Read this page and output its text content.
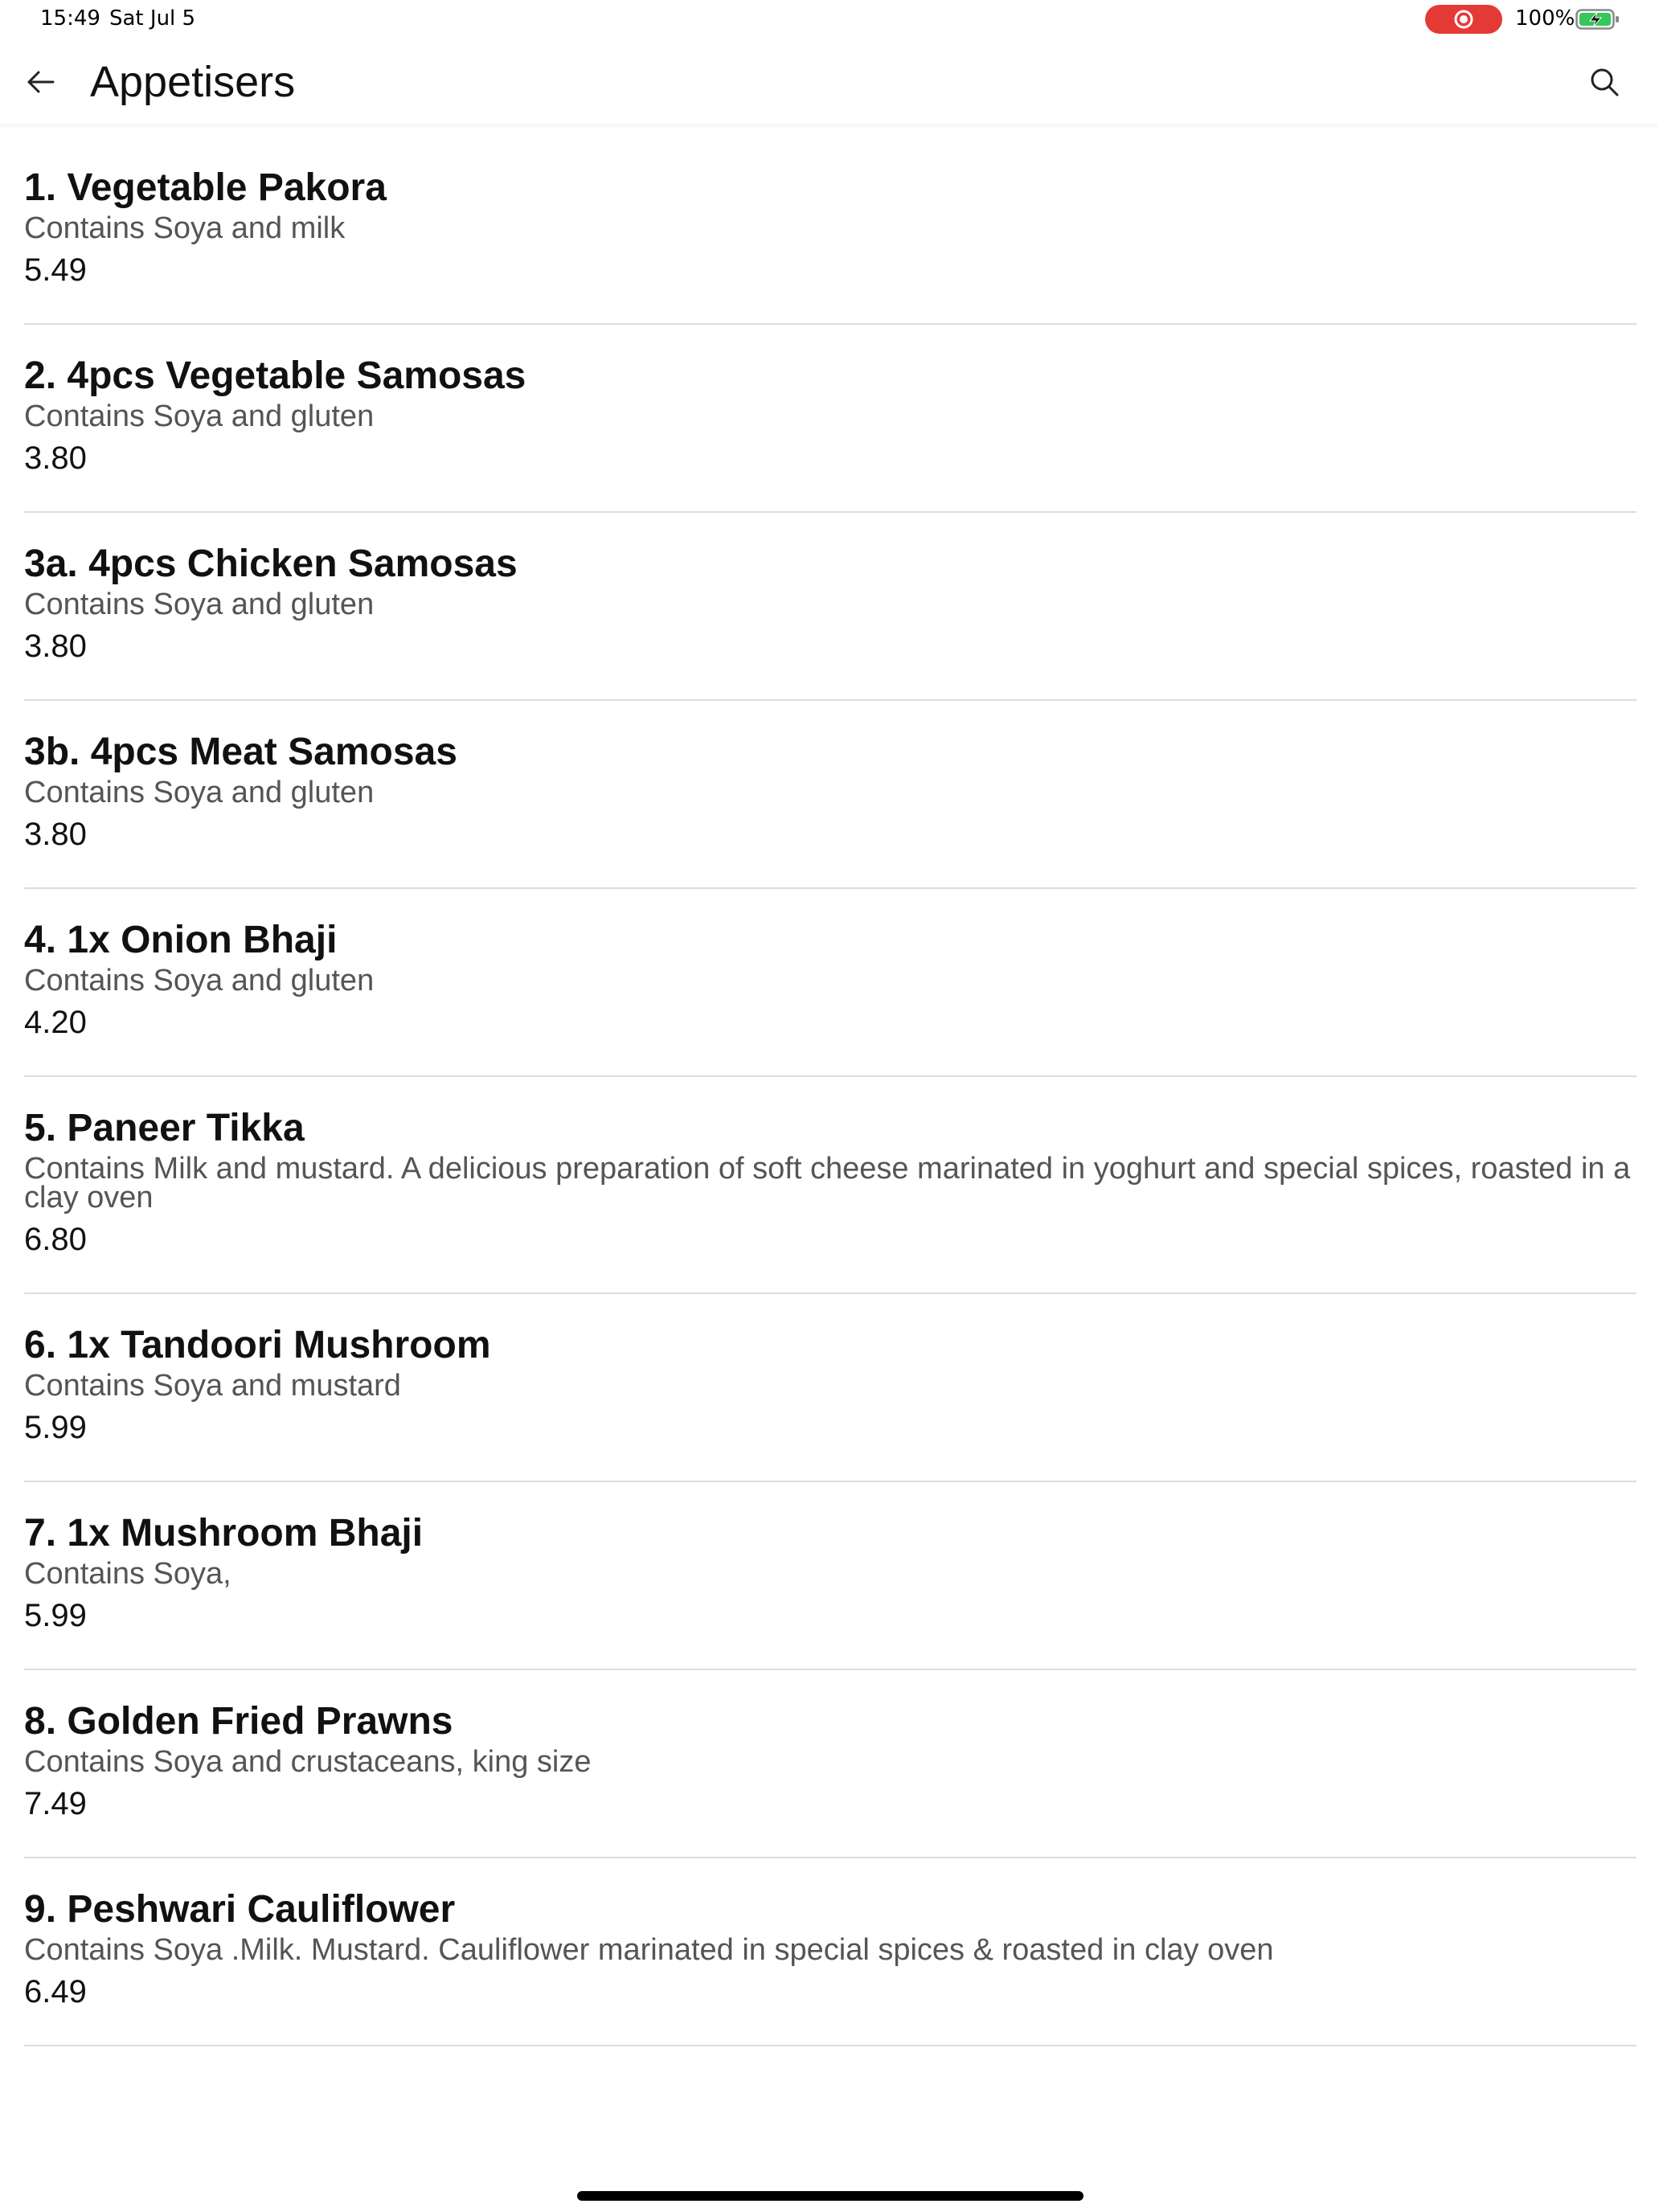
15:49 Sat Jul 5	100%
Appetisers
1. Vegetable Pakora
Contains Soya and milk
5.49
2. 4pcs Vegetable Samosas
Contains Soya and gluten
3.80
3a. 4pcs Chicken Samosas
Contains Soya and gluten
3.80
3b. 4pcs Meat Samosas
Contains Soya and gluten
3.80
4. 1x Onion Bhaji
Contains Soya and gluten
4.20
5. Paneer Tikka
Contains Milk and mustard. A delicious preparation of soft cheese marinated in yoghurt and special spices, roasted in a clay oven
6.80
6. 1x Tandoori Mushroom
Contains Soya and mustard
5.99
7. 1x Mushroom Bhaji
Contains Soya,
5.99
8. Golden Fried Prawns
Contains Soya and crustaceans, king size
7.49
9. Peshwari Cauliflower
Contains Soya .Milk. Mustard. Cauliflower marinated in special spices & roasted in clay oven
6.49
